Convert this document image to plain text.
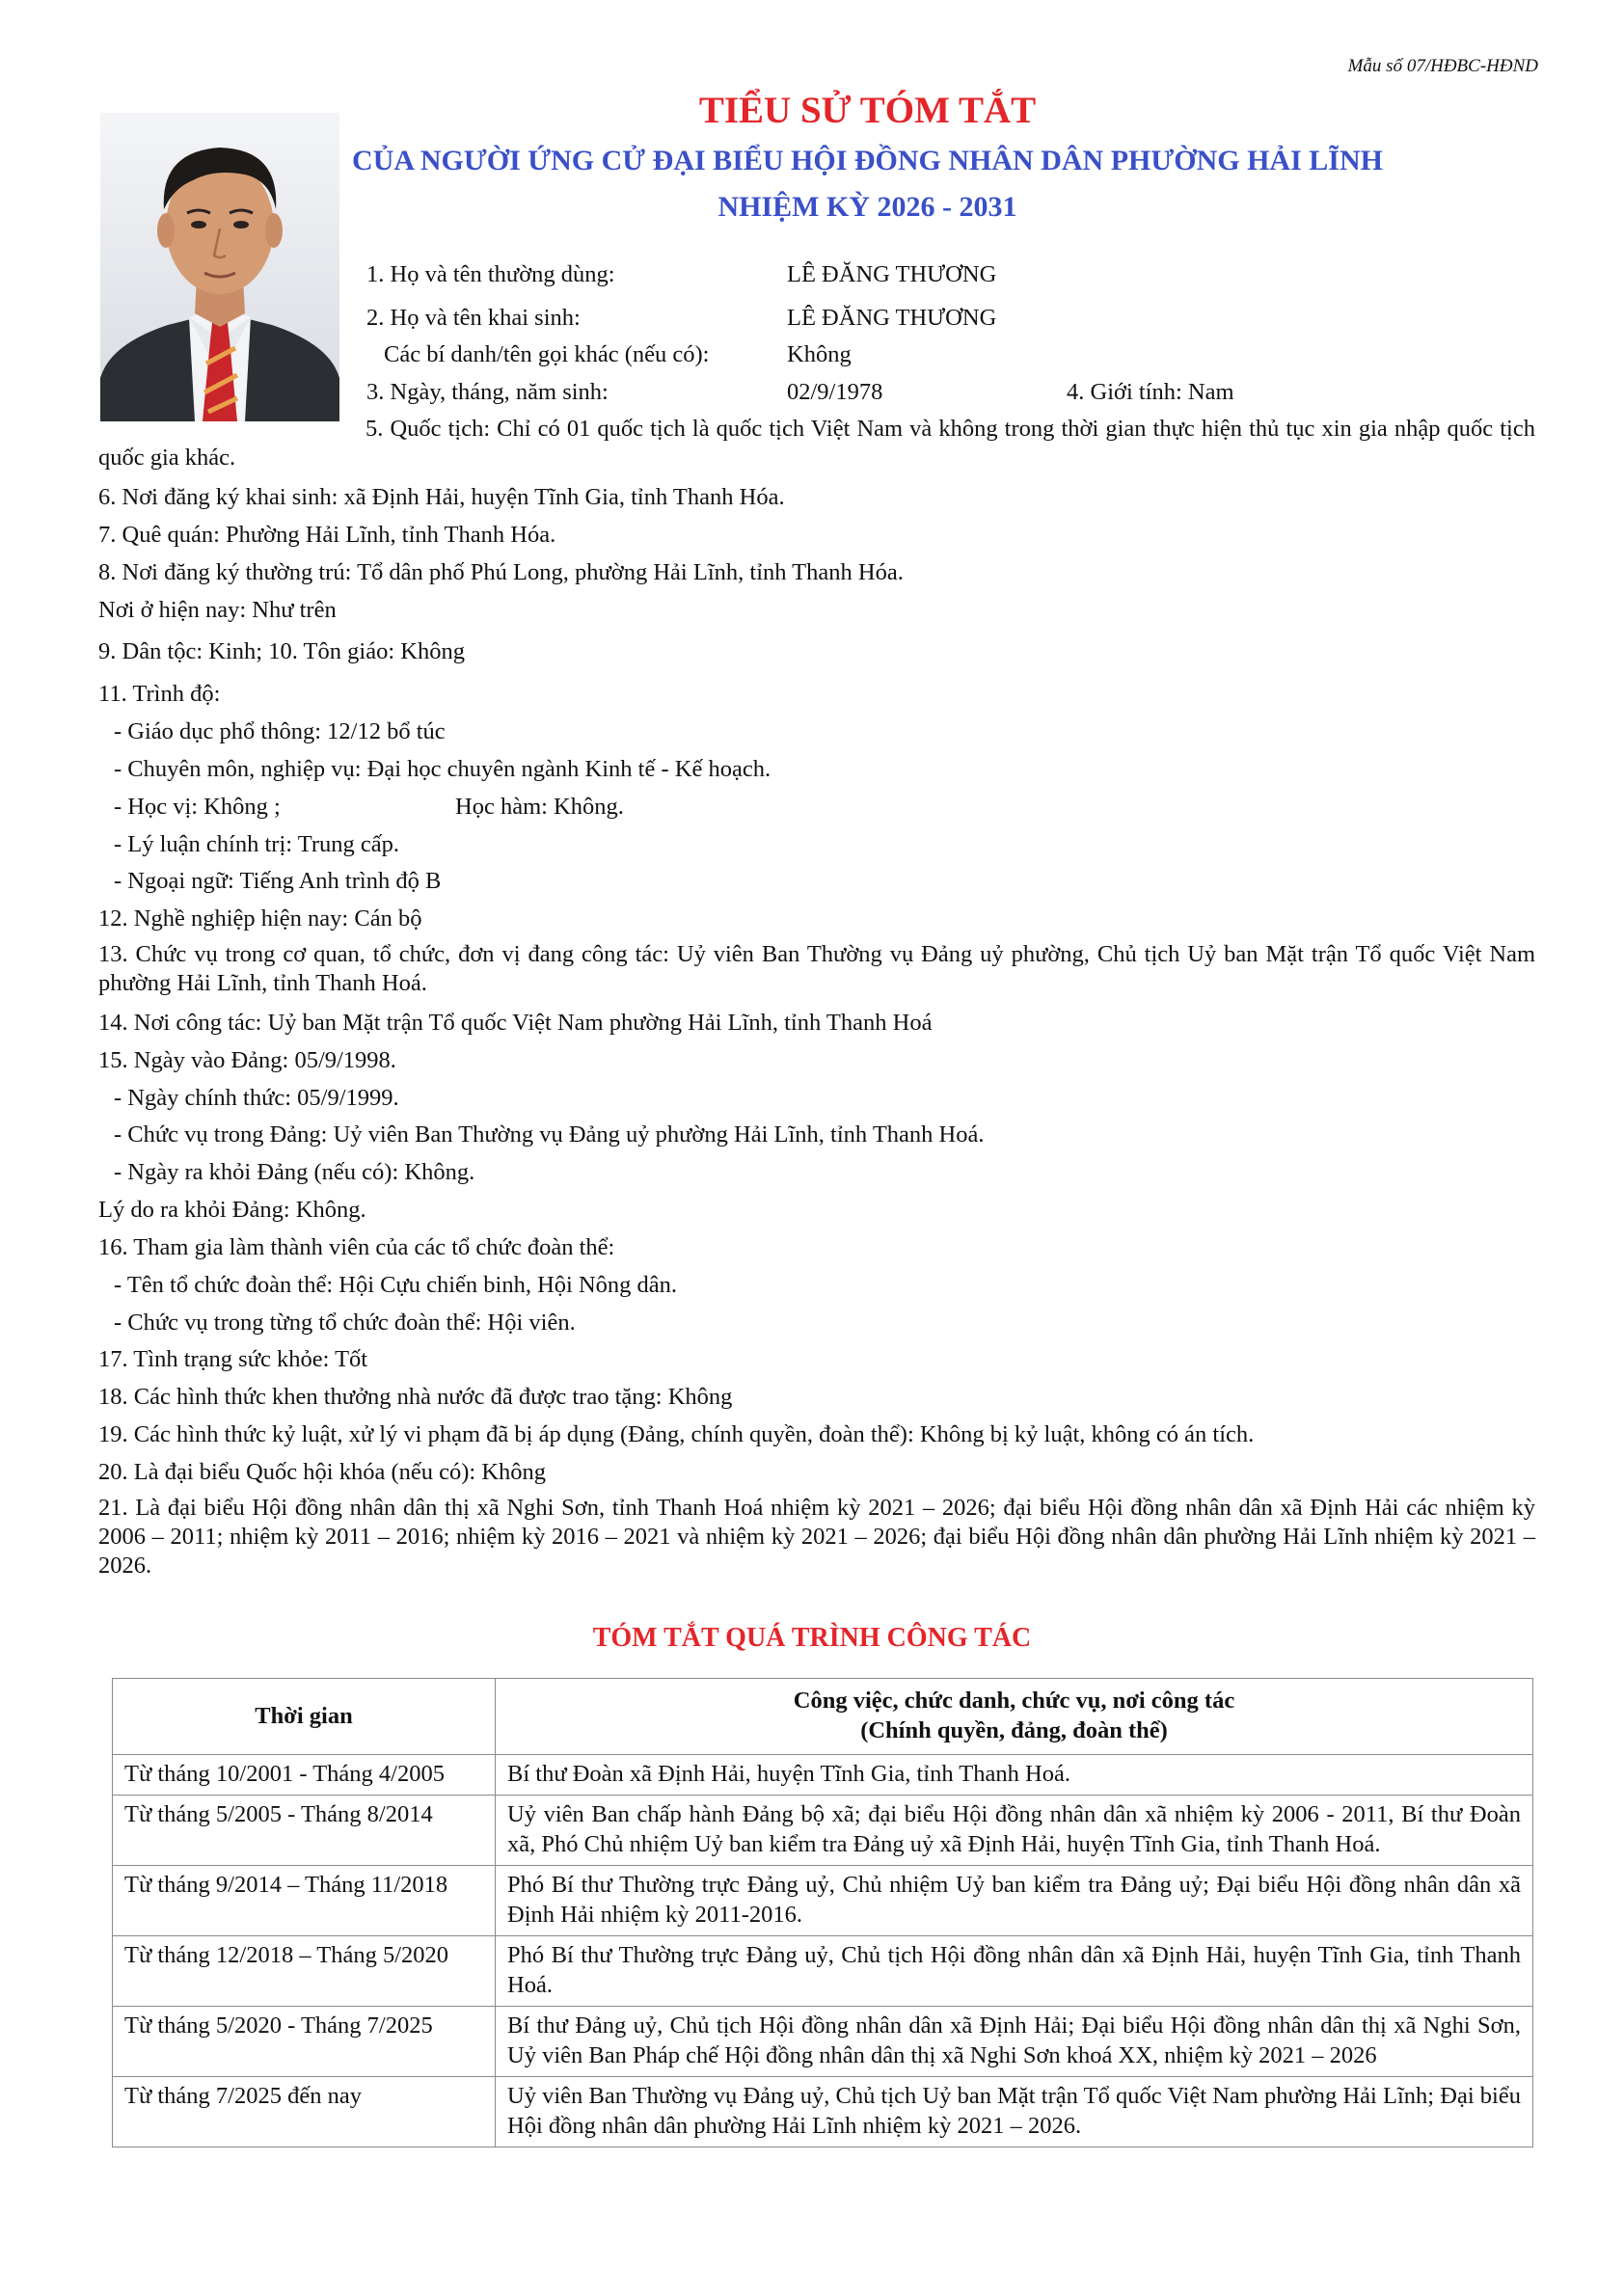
Mẫu số 07/HĐBC-HĐND
TIỂU SỬ TÓM TẮT
CỦA NGƯỜI ỨNG CỬ ĐẠI BIỂU HỘI ĐỒNG NHÂN DÂN PHƯỜNG HẢI LĨNH
NHIỆM KỲ 2026 - 2031
1. Họ và tên thường dùng:	LÊ ĐĂNG THƯƠNG
2. Họ và tên khai sinh:	LÊ ĐĂNG THƯƠNG
Các bí danh/tên gọi khác (nếu có):	Không
3. Ngày, tháng, năm sinh:	02/9/1978	4. Giới tính: Nam
5. Quốc tịch: Chỉ có 01 quốc tịch là quốc tịch Việt Nam và không trong thời gian thực hiện thủ tục xin gia nhập quốc tịch quốc gia khác.
6. Nơi đăng ký khai sinh: xã Định Hải, huyện Tĩnh Gia, tỉnh Thanh Hóa.
7. Quê quán: Phường Hải Lĩnh, tỉnh Thanh Hóa.
8. Nơi đăng ký thường trú: Tổ dân phố Phú Long, phường Hải Lĩnh, tỉnh Thanh Hóa.
Nơi ở hiện nay: Như trên
9. Dân tộc: Kinh; 10. Tôn giáo: Không
11. Trình độ:
- Giáo dục phổ thông: 12/12 bổ túc
- Chuyên môn, nghiệp vụ: Đại học chuyên ngành Kinh tế - Kế hoạch.
- Học vị: Không ;	Học hàm: Không.
- Lý luận chính trị: Trung cấp.
- Ngoại ngữ: Tiếng Anh trình độ B
12. Nghề nghiệp hiện nay: Cán bộ
13. Chức vụ trong cơ quan, tổ chức, đơn vị đang công tác: Uỷ viên Ban Thường vụ Đảng uỷ phường, Chủ tịch Uỷ ban Mặt trận Tổ quốc Việt Nam phường Hải Lĩnh, tỉnh Thanh Hoá.
14. Nơi công tác: Uỷ ban Mặt trận Tổ quốc Việt Nam phường Hải Lĩnh, tỉnh Thanh Hoá
15. Ngày vào Đảng: 05/9/1998.
- Ngày chính thức: 05/9/1999.
- Chức vụ trong Đảng: Uỷ viên Ban Thường vụ Đảng uỷ phường Hải Lĩnh, tỉnh Thanh Hoá.
- Ngày ra khỏi Đảng (nếu có): Không.
Lý do ra khỏi Đảng: Không.
16. Tham gia làm thành viên của các tổ chức đoàn thể:
- Tên tổ chức đoàn thể: Hội Cựu chiến binh, Hội Nông dân.
- Chức vụ trong từng tổ chức đoàn thể: Hội viên.
17. Tình trạng sức khỏe: Tốt
18. Các hình thức khen thưởng nhà nước đã được trao tặng: Không
19. Các hình thức kỷ luật, xử lý vi phạm đã bị áp dụng (Đảng, chính quyền, đoàn thể): Không bị kỷ luật, không có án tích.
20. Là đại biểu Quốc hội khóa (nếu có): Không
21. Là đại biểu Hội đồng nhân dân thị xã Nghi Sơn, tỉnh Thanh Hoá nhiệm kỳ 2021 – 2026; đại biểu Hội đồng nhân dân xã Định Hải các nhiệm kỳ 2006 – 2011; nhiệm kỳ 2011 – 2016; nhiệm kỳ 2016 – 2021 và nhiệm kỳ 2021 – 2026; đại biểu Hội đồng nhân dân phường Hải Lĩnh nhiệm kỳ 2021 – 2026.
TÓM TẮT QUÁ TRÌNH CÔNG TÁC
Thời gian	Công việc, chức danh, chức vụ, nơi công tác
(Chính quyền, đảng, đoàn thể)

Từ tháng 10/2001 - Tháng 4/2005	Bí thư Đoàn xã Định Hải, huyện Tĩnh Gia, tỉnh Thanh Hoá.
Từ tháng 5/2005 - Tháng 8/2014	Uỷ viên Ban chấp hành Đảng bộ xã; đại biểu Hội đồng nhân dân xã nhiệm kỳ 2006 - 2011, Bí thư Đoàn xã, Phó Chủ nhiệm Uỷ ban kiểm tra Đảng uỷ xã Định Hải, huyện Tĩnh Gia, tỉnh Thanh Hoá.
Từ tháng 9/2014 – Tháng 11/2018	Phó Bí thư Thường trực Đảng uỷ, Chủ nhiệm Uỷ ban kiểm tra Đảng uỷ; Đại biểu Hội đồng nhân dân xã Định Hải nhiệm kỳ 2011-2016.
Từ tháng 12/2018 – Tháng 5/2020	Phó Bí thư Thường trực Đảng uỷ, Chủ tịch Hội đồng nhân dân xã Định Hải, huyện Tĩnh Gia, tỉnh Thanh Hoá.
Từ tháng 5/2020 - Tháng 7/2025	Bí thư Đảng uỷ, Chủ tịch Hội đồng nhân dân xã Định Hải; Đại biểu Hội đồng nhân dân thị xã Nghi Sơn, Uỷ viên Ban Pháp chế Hội đồng nhân dân thị xã Nghi Sơn khoá XX, nhiệm kỳ 2021 – 2026
Từ tháng 7/2025 đến nay	Uỷ viên Ban Thường vụ Đảng uỷ, Chủ tịch Uỷ ban Mặt trận Tổ quốc Việt Nam phường Hải Lĩnh; Đại biểu Hội đồng nhân dân phường Hải Lĩnh nhiệm kỳ 2021 – 2026.
